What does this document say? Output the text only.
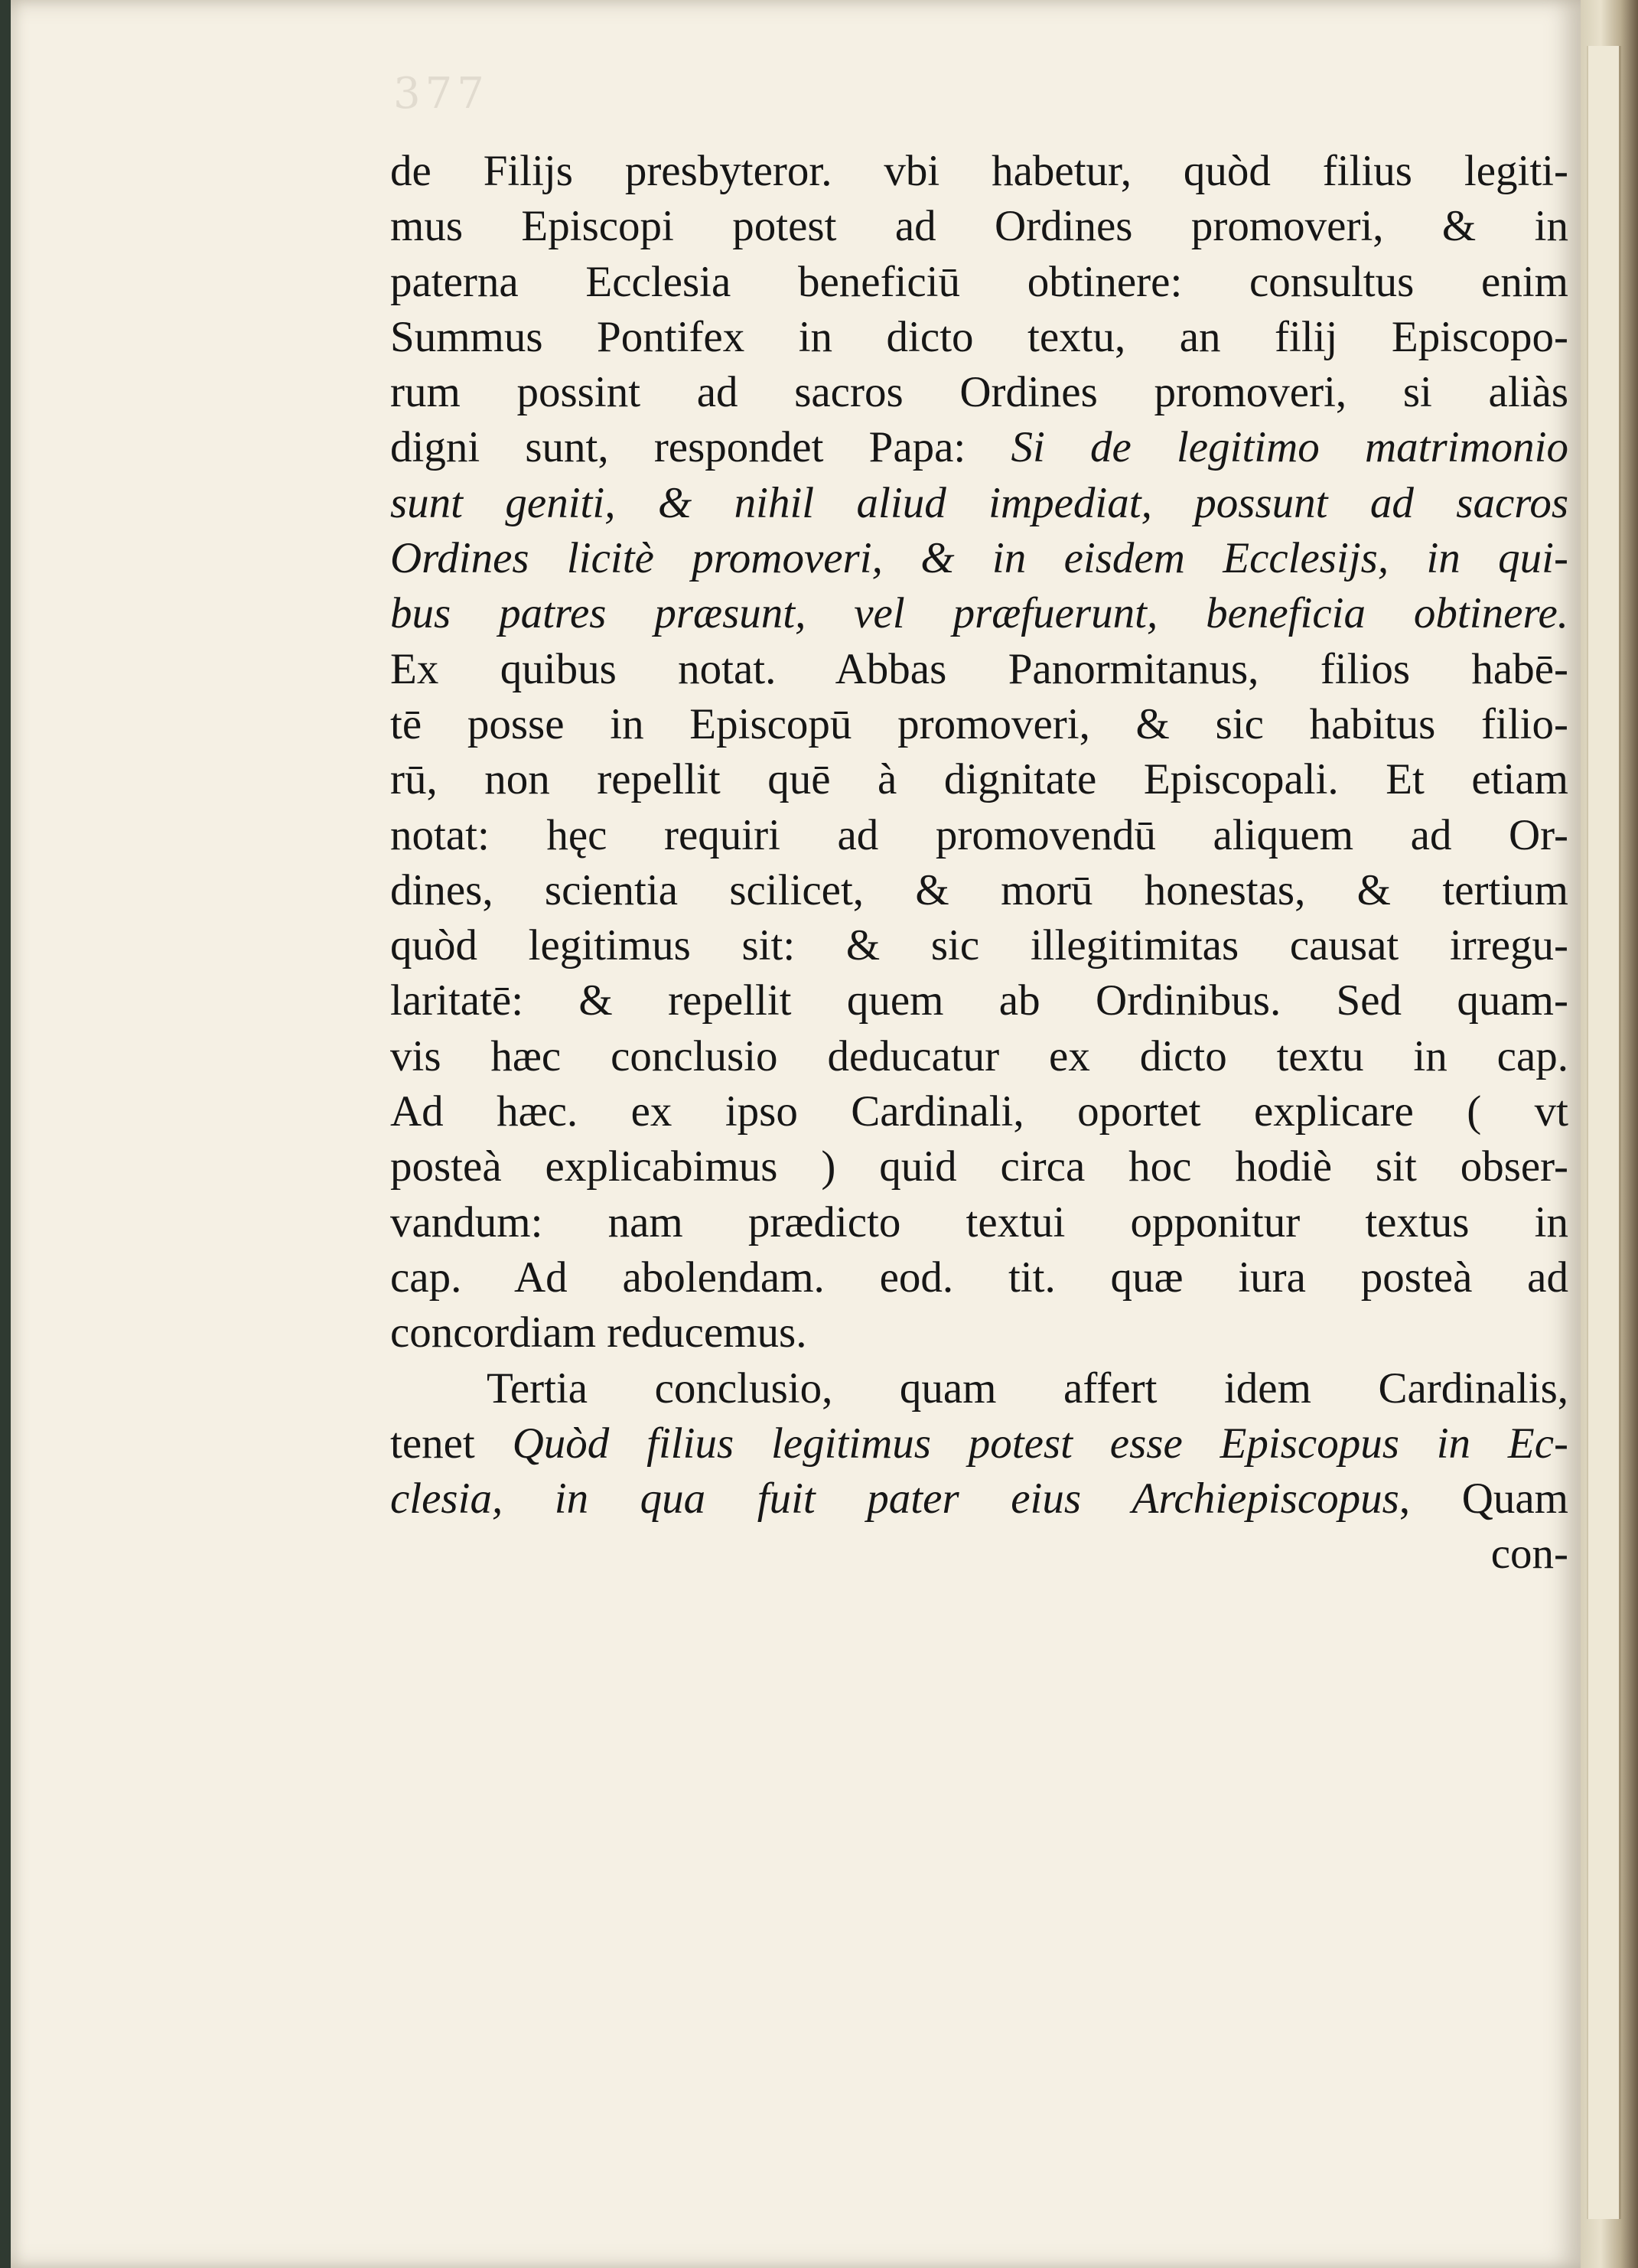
377
de Filijs presbyteror. vbi habetur, quòd filius legiti-
mus Episcopi potest ad Ordines promoveri, & in
paterna Ecclesia beneficiū obtinere: consultus enim
Summus Pontifex in dicto textu, an filij Episcopo-
rum possint ad sacros Ordines promoveri, si aliàs
digni sunt, respondet Papa: Si de legitimo matrimonio
sunt geniti, & nihil aliud impediat, possunt ad sacros
Ordines licitè promoveri, & in eisdem Ecclesijs, in qui-
bus patres præsunt, vel præfuerunt, beneficia obtinere.
Ex quibus notat. Abbas Panormitanus, filios habē-
tē posse in Episcopū promoveri, & sic habitus filio-
rū, non repellit quē à dignitate Episcopali. Et etiam
notat: hęc requiri ad promovendū aliquem ad Or-
dines, scientia scilicet, & morū honestas, & tertium
quòd legitimus sit: & sic illegitimitas causat irregu-
laritatē: & repellit quem ab Ordinibus. Sed quam-
vis hæc conclusio deducatur ex dicto textu in cap.
Ad hæc. ex ipso Cardinali, oportet explicare ( vt
posteà explicabimus ) quid circa hoc hodiè sit obser-
vandum: nam prædicto textui opponitur textus in
cap. Ad abolendam. eod. tit. quæ iura posteà ad
concordiam reducemus.
Tertia conclusio, quam affert idem Cardinalis,
tenet Quòd filius legitimus potest esse Episcopus in Ec-
clesia, in qua fuit pater eius Archiepiscopus, Quam
con-
